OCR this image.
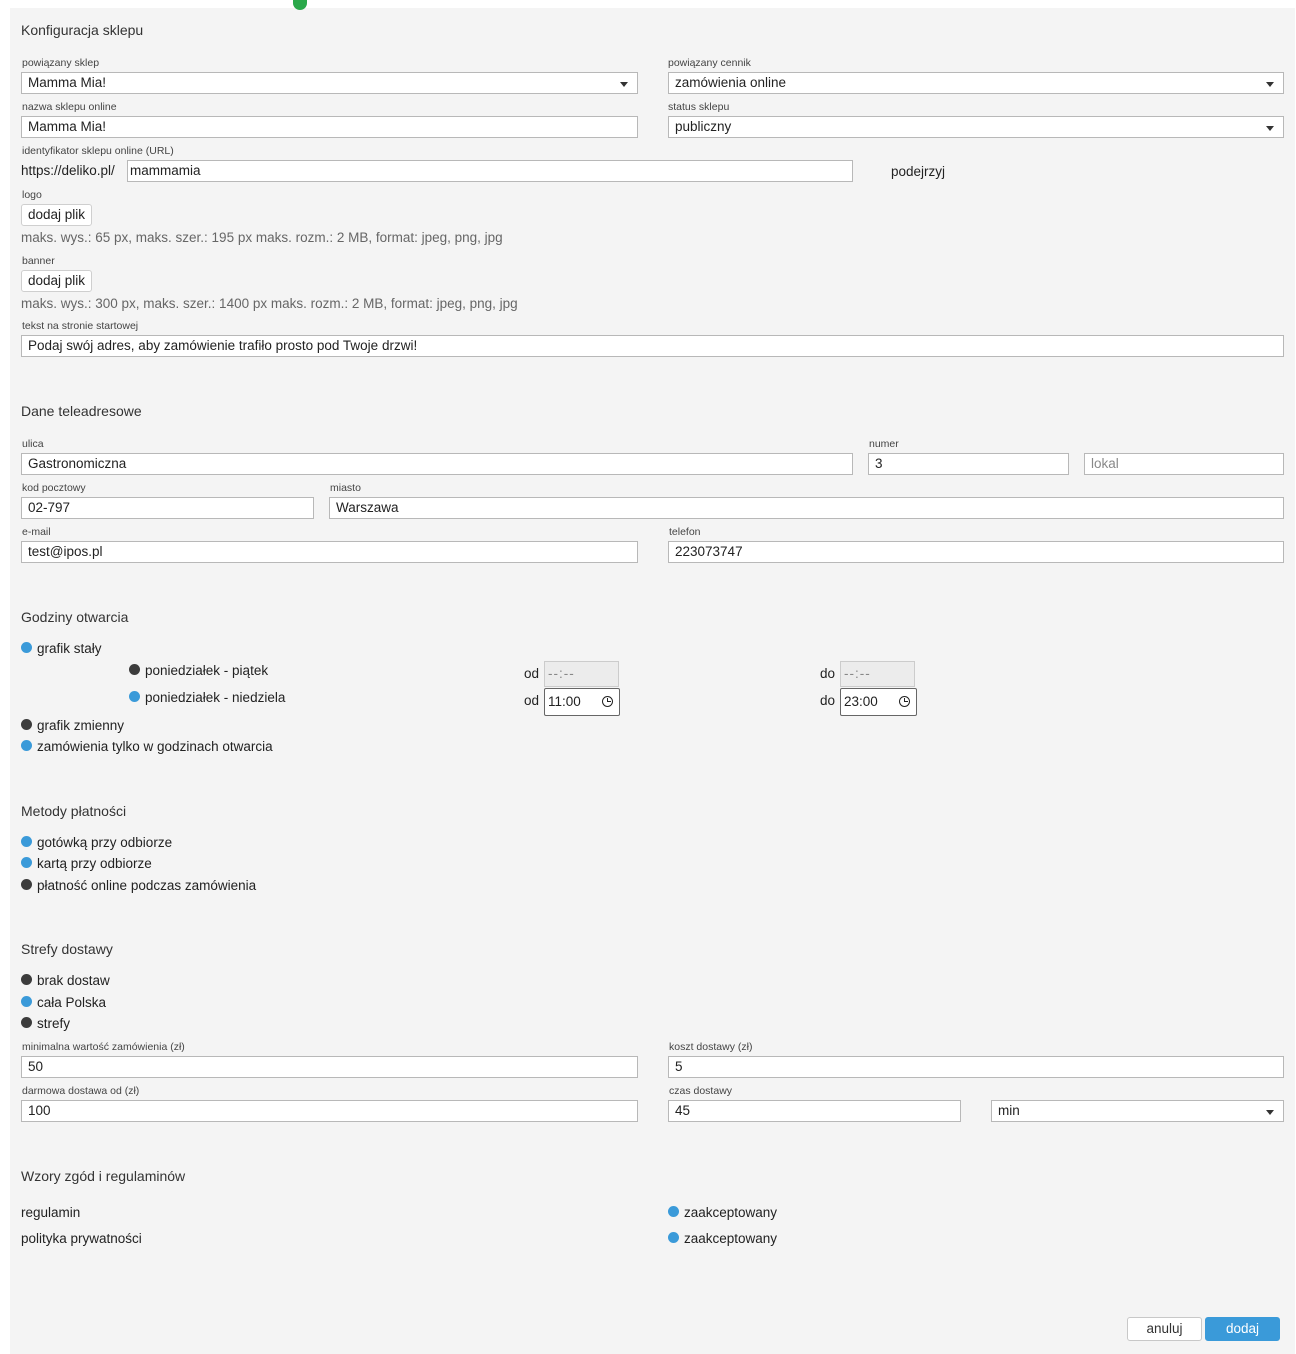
Konfiguracja sklepu
powiązany sklep
Mamma Mia!
powiązany cennik
zamówienia online
nazwa sklepu online
Mamma Mia!
status sklepu
publiczny
identyfikator sklepu online (URL)
https://deliko.pl/ mammamia	podejrzyj
logo
dodaj plik
maks. wys.: 65 px, maks. szer.: 195 px maks. rozm.: 2 MB, format: jpeg, png, jpg
banner
dodaj plik
maks. wys.: 300 px, maks. szer.: 1400 px maks. rozm.: 2 MB, format: jpeg, png, jpg
tekst na stronie startowej
Podaj swój adres, aby zamówienie trafiło prosto pod Twoje drzwi!
Dane teleadresowe
ulica
Gastronomiczna
numer
3	lokal
kod pocztowy
02-797
miasto
Warszawa
e-mail
test@ipos.pl
telefon
223073747
Godziny otwarcia
grafik stały
poniedziałek - piątek	od --:--	do --:--
poniedziałek - niedziela	od 11:00	do 23:00
grafik zmienny
zamówienia tylko w godzinach otwarcia
Metody płatności
gotówką przy odbiorze
kartą przy odbiorze
płatność online podczas zamówienia
Strefy dostawy
brak dostaw
cała Polska
strefy
minimalna wartość zamówienia (zł)
50
koszt dostawy (zł)
5
darmowa dostawa od (zł)
100
czas dostawy
45	min
Wzory zgód i regulaminów
regulamin	zaakceptowany
polityka prywatności	zaakceptowany
anuluj	dodaj
